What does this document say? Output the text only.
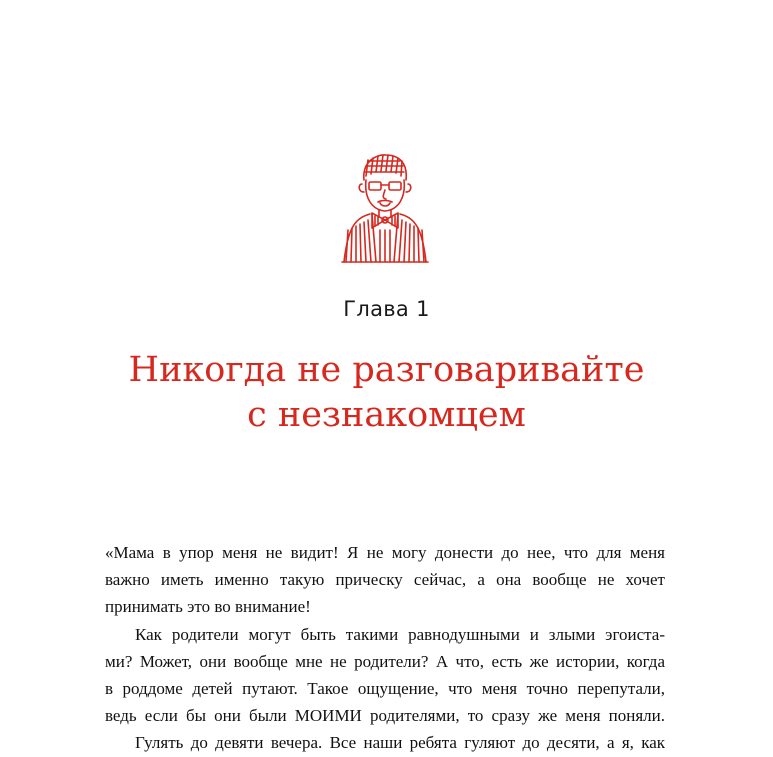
Глава 1
Никогда не разговаривайте
с незнакомцем
«Мама в упор меня не видит! Я не могу донести до нее, что для меня
важно иметь именно такую прическу сейчас, а она вообще не хочет
принимать это во внимание!
Как родители могут быть такими равнодушными и злыми эгоиста-
ми? Может, они вообще мне не родители? А что, есть же истории, когда
в роддоме детей путают. Такое ощущение, что меня точно перепутали,
ведь если бы они были МОИМИ родителями, то сразу же меня поняли.
Гулять до девяти вечера. Все наши ребята гуляют до десяти, а я, как
